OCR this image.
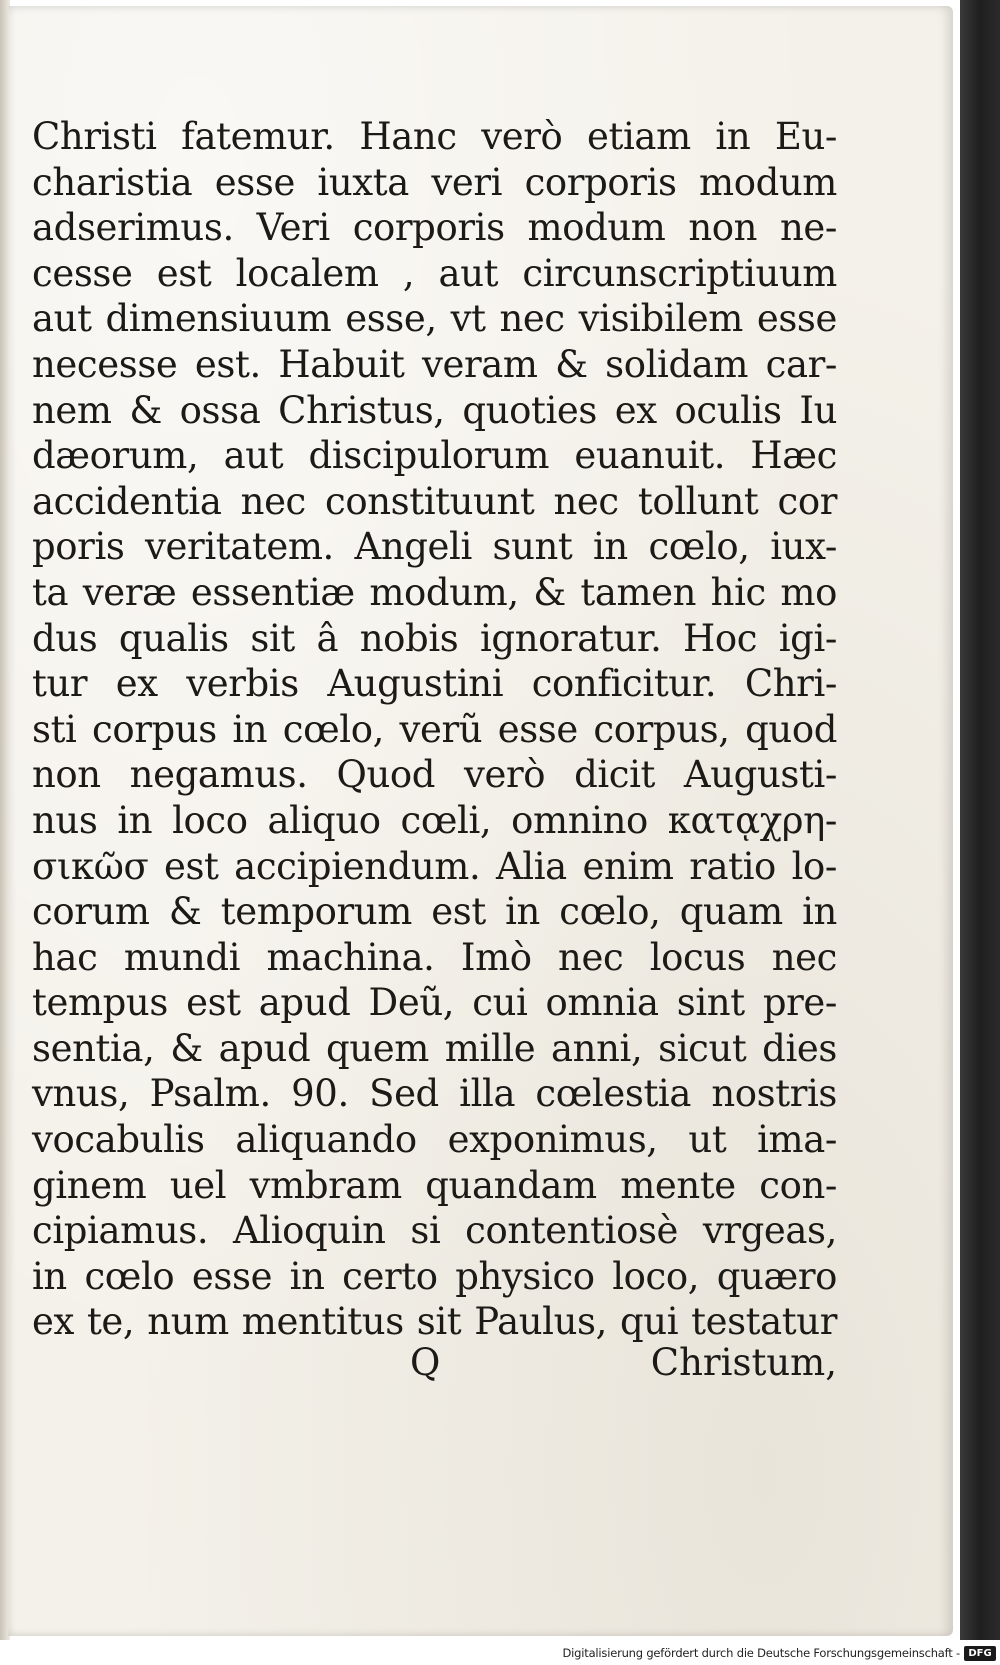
Christi fatemur. Hanc verò etiam in Eu-
charistia esse iuxta veri corporis modum
adserimus. Veri corporis modum non ne-
cesse est localem , aut circunscriptiuum
aut dimensiuum esse, vt nec visibilem esse
necesse est. Habuit veram & solidam car-
nem & ossa Christus, quoties ex oculis Iu
dæorum, aut discipulorum euanuit. Hæc
accidentia nec constituunt nec tollunt cor
poris veritatem. Angeli sunt in cœlo, iux-
ta veræ essentiæ modum, & tamen hic mo
dus qualis sit â nobis ignoratur. Hoc igi-
tur ex verbis Augustini conficitur. Chri-
sti corpus in cœlo, verũ esse corpus, quod
non negamus. Quod verò dicit Augusti-
nus in loco aliquo cœli, omnino κατᾳχρη-
σικῶσ est accipiendum. Alia enim ratio lo-
corum & temporum est in cœlo, quam in
hac mundi machina. Imò nec locus nec
tempus est apud Deũ, cui omnia sint pre-
sentia, & apud quem mille anni, sicut dies
vnus, Psalm. 90. Sed illa cœlestia nostris
vocabulis aliquando exponimus, ut ima-
ginem uel vmbram quandam mente con-
cipiamus. Alioquin si contentiosè vrgeas,
in cœlo esse in certo physico loco, quæro
ex te, num mentitus sit Paulus, qui testatur
Q	Christum,
Digitalisierung gefördert durch die Deutsche Forschungsgemeinschaft - DFG
